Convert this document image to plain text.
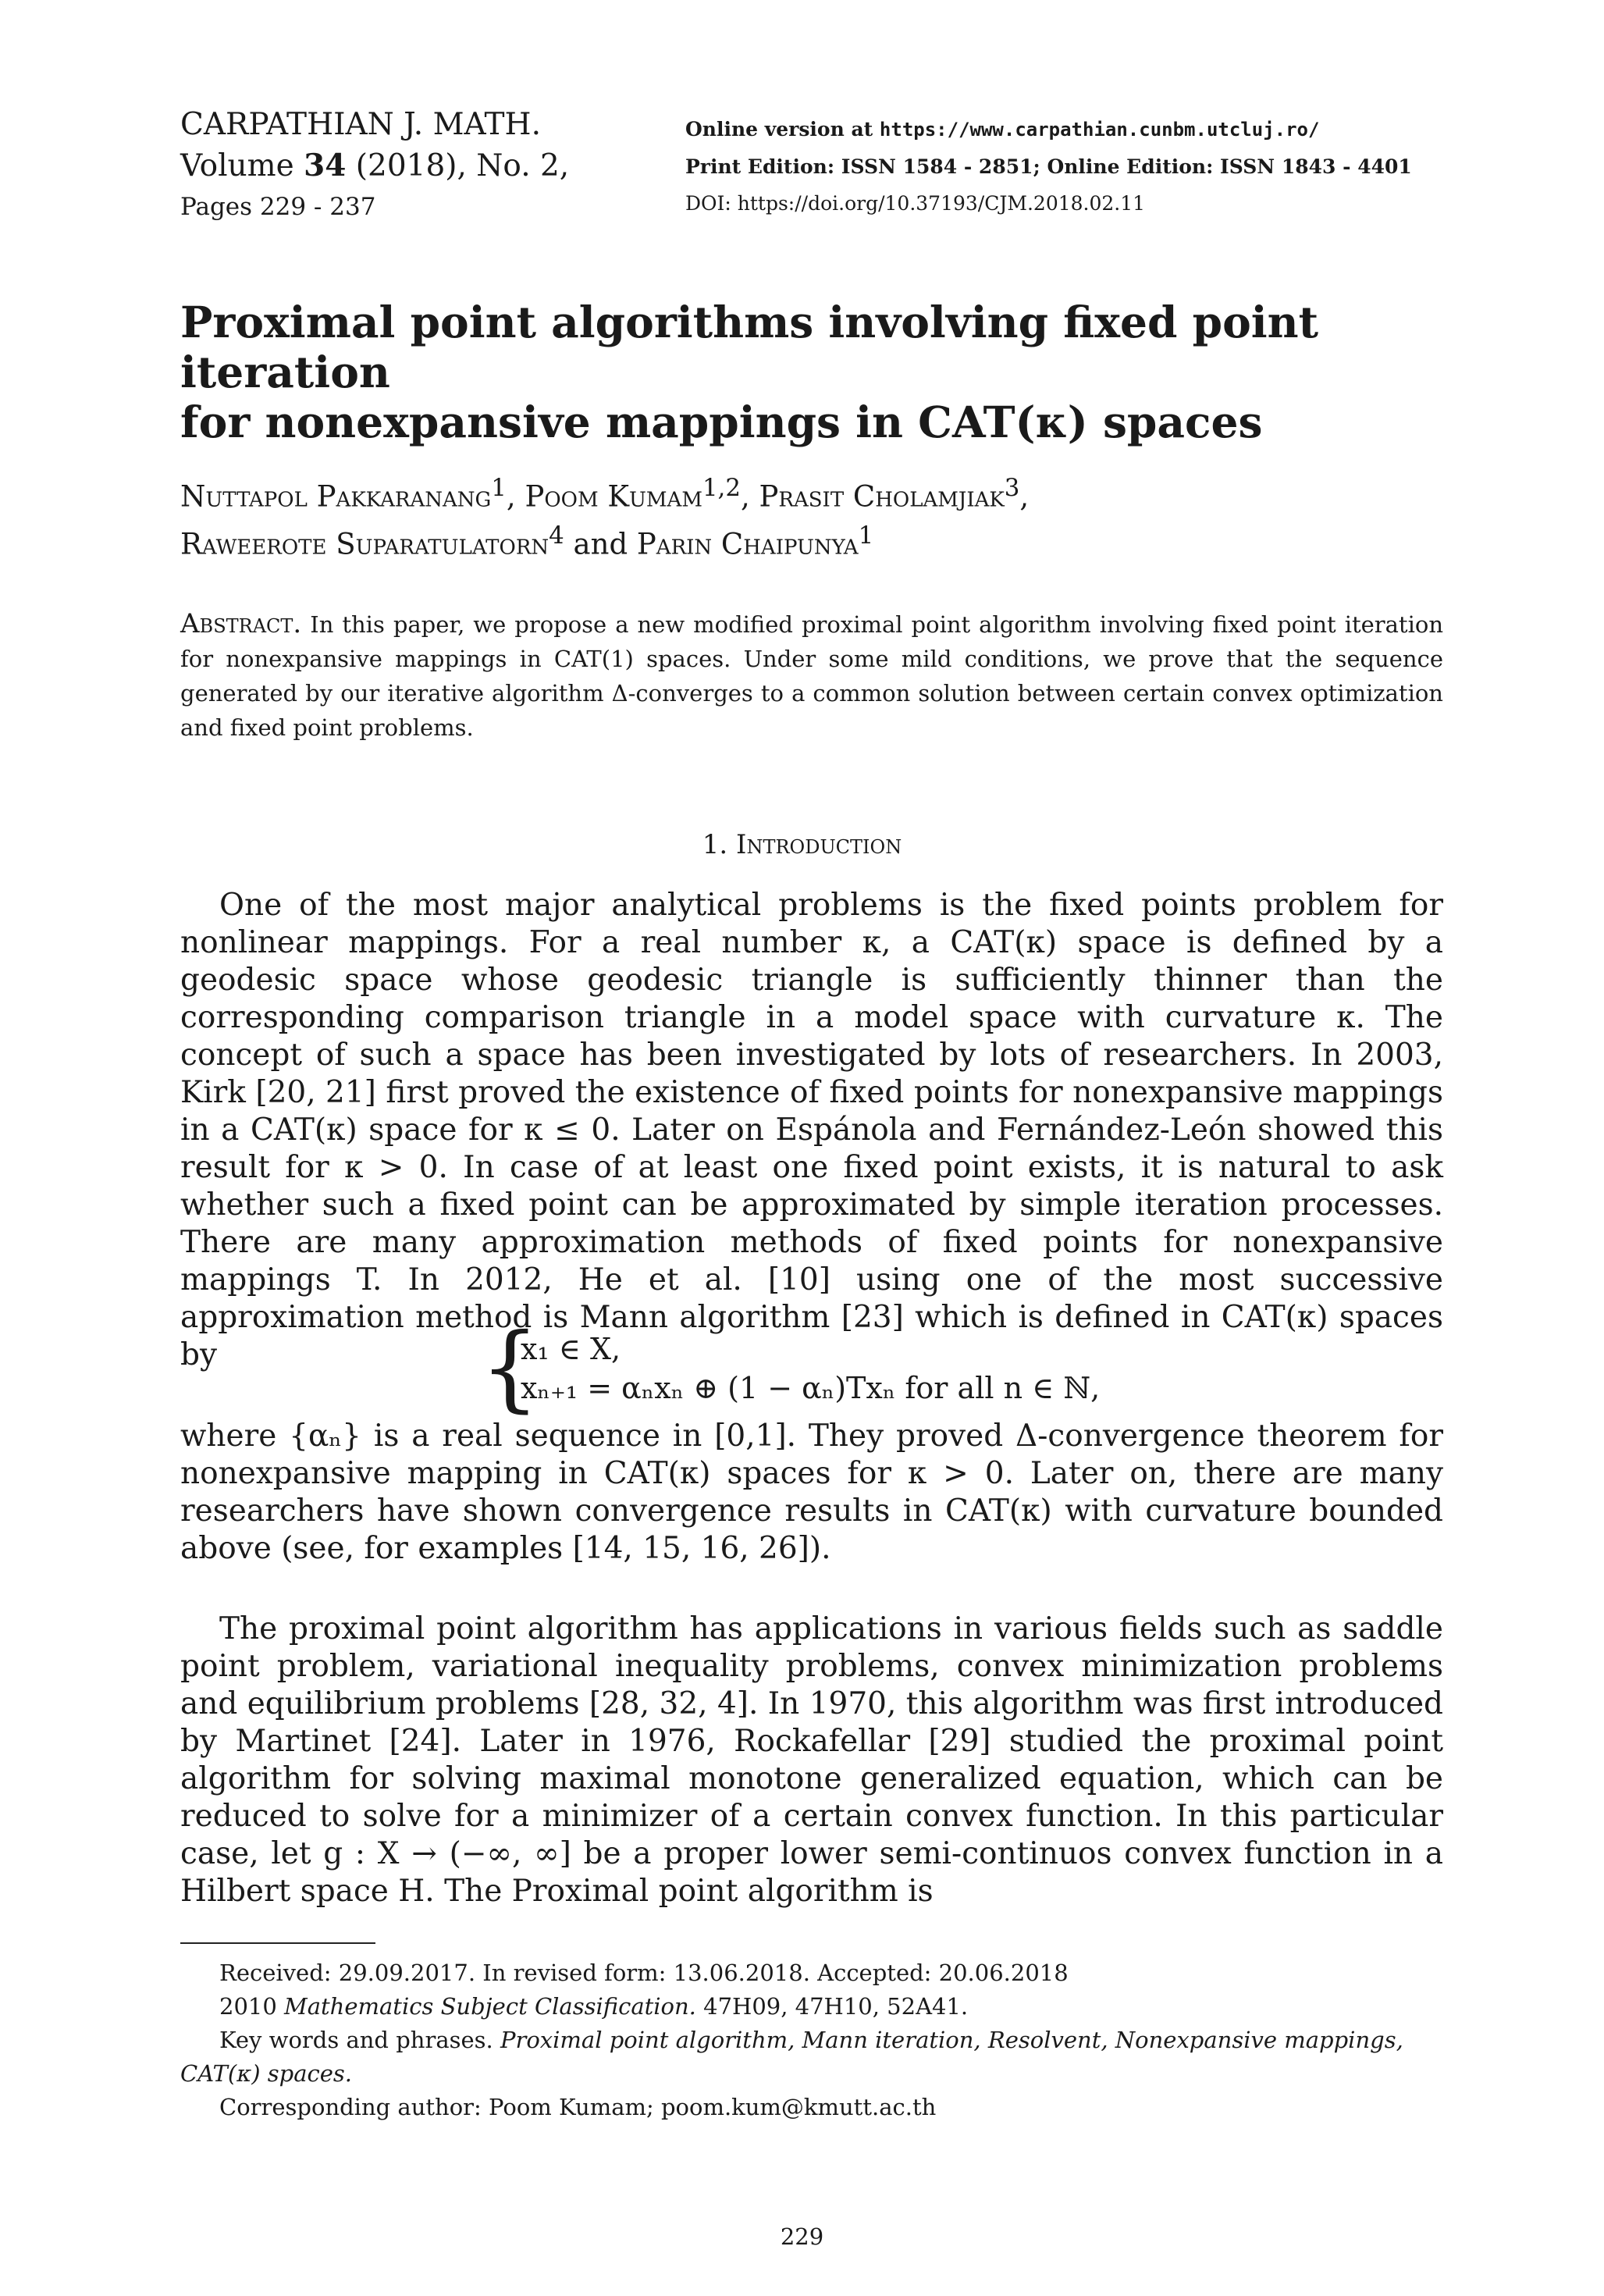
CARPATHIAN J. MATH.
Volume 34 (2018), No. 2,
Pages 229 - 237
Online version at https://www.carpathian.cunbm.utcluj.ro/
Print Edition: ISSN 1584 - 2851; Online Edition: ISSN 1843 - 4401
DOI: https://doi.org/10.37193/CJM.2018.02.11
Proximal point algorithms involving fixed point iteration
for nonexpansive mappings in CAT(κ) spaces
Nuttapol Pakkaranang$^1$, Poom Kumam$^{1,2}$, Prasit Cholamjiak$^3$,
Raweerote Suparatulatorn$^4$ and Parin Chaipunya$^1$
Abstract. In this paper, we propose a new modified proximal point algorithm involving fixed point iteration for nonexpansive mappings in CAT(1) spaces. Under some mild conditions, we prove that the sequence generated by our iterative algorithm Δ-converges to a common solution between certain convex optimization and fixed point problems.
1. Introduction

One of the most major analytical problems is the fixed points problem for nonlinear mappings. For a real number κ, a CAT(κ) space is defined by a geodesic space whose geodesic triangle is sufficiently thinner than the corresponding comparison triangle in a model space with curvature κ. The concept of such a space has been investigated by lots of researchers. In 2003, Kirk [20, 21] first proved the existence of fixed points for nonexpansive mappings in a CAT(κ) space for κ ≤ 0. Later on Espánola and Fernández-León showed this result for κ > 0. In case of at least one fixed point exists, it is natural to ask whether such a fixed point can be approximated by simple iteration processes. There are many approximation methods of fixed points for nonexpansive mappings T. In 2012, He et al. [10] using one of the most successive approximation method is Mann algorithm [23] which is defined in CAT(κ) spaces by	{
x₁ ∈ X,
xₙ₊₁ = αₙxₙ ⊕ (1 − αₙ)Txₙ for all n ∈ ℕ,

where {αₙ} is a real sequence in [0,1]. They proved Δ-convergence theorem for nonexpansive mapping in CAT(κ) spaces for κ > 0. Later on, there are many researchers have shown convergence results in CAT(κ) with curvature bounded above (see, for examples [14, 15, 16, 26]).

The proximal point algorithm has applications in various fields such as saddle point problem, variational inequality problems, convex minimization problems and equilibrium problems [28, 32, 4]. In 1970, this algorithm was first introduced by Martinet [24]. Later in 1976, Rockafellar [29] studied the proximal point algorithm for solving maximal monotone generalized equation, which can be reduced to solve for a minimizer of a certain convex function. In this particular case, let g : X → (−∞, ∞] be a proper lower semi-continuos convex function in a Hilbert space H. The Proximal point algorithm is

Received: 29.09.2017. In revised form: 13.06.2018. Accepted: 20.06.2018
2010 Mathematics Subject Classification. 47H09, 47H10, 52A41.
Key words and phrases. Proximal point algorithm, Mann iteration, Resolvent, Nonexpansive mappings, CAT(κ) spaces.
Corresponding author: Poom Kumam; poom.kum@kmutt.ac.th
229
